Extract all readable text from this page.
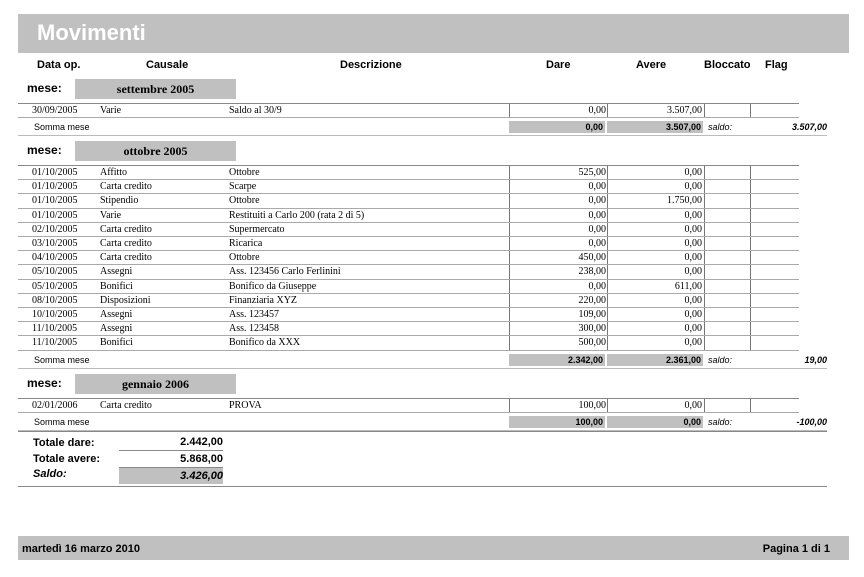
Movimenti
Data op.	Causale	Descrizione	Dare	Avere	Bloccato Flag
mese:	settembre 2005
30/09/2005 Varie	Saldo al 30/9	0,00	3.507,00
Somma mese	0,00	3.507,00 saldo:	3.507,00
mese:	ottobre 2005
01/10/2005 Affitto	Ottobre	525,00	0,00
01/10/2005 Carta credito	Scarpe	0,00	0,00
01/10/2005 Stipendio	Ottobre	0,00	1.750,00
01/10/2005 Varie	Restituiti a Carlo 200 (rata 2 di 5)	0,00	0,00
02/10/2005 Carta credito	Supermercato	0,00	0,00
03/10/2005 Carta credito	Ricarica	0,00	0,00
04/10/2005 Carta credito	Ottobre	450,00	0,00
05/10/2005 Assegni	Ass. 123456 Carlo Ferlinini	238,00	0,00
05/10/2005 Bonifici	Bonifico da Giuseppe	0,00	611,00
08/10/2005 Disposizioni	Finanziaria XYZ	220,00	0,00
10/10/2005 Assegni	Ass. 123457	109,00	0,00
11/10/2005 Assegni	Ass. 123458	300,00	0,00
11/10/2005 Bonifici	Bonifico da XXX	500,00	0,00
Somma mese	2.342,00	2.361,00 saldo:	19,00
mese:	gennaio 2006
02/01/2006 Carta credito	PROVA	100,00	0,00
Somma mese	100,00	0,00 saldo:	-100,00
Totale dare:	2.442,00
Totale avere:	5.868,00
Saldo:	3.426,00
martedì 16 marzo 2010	Pagina 1 di 1
